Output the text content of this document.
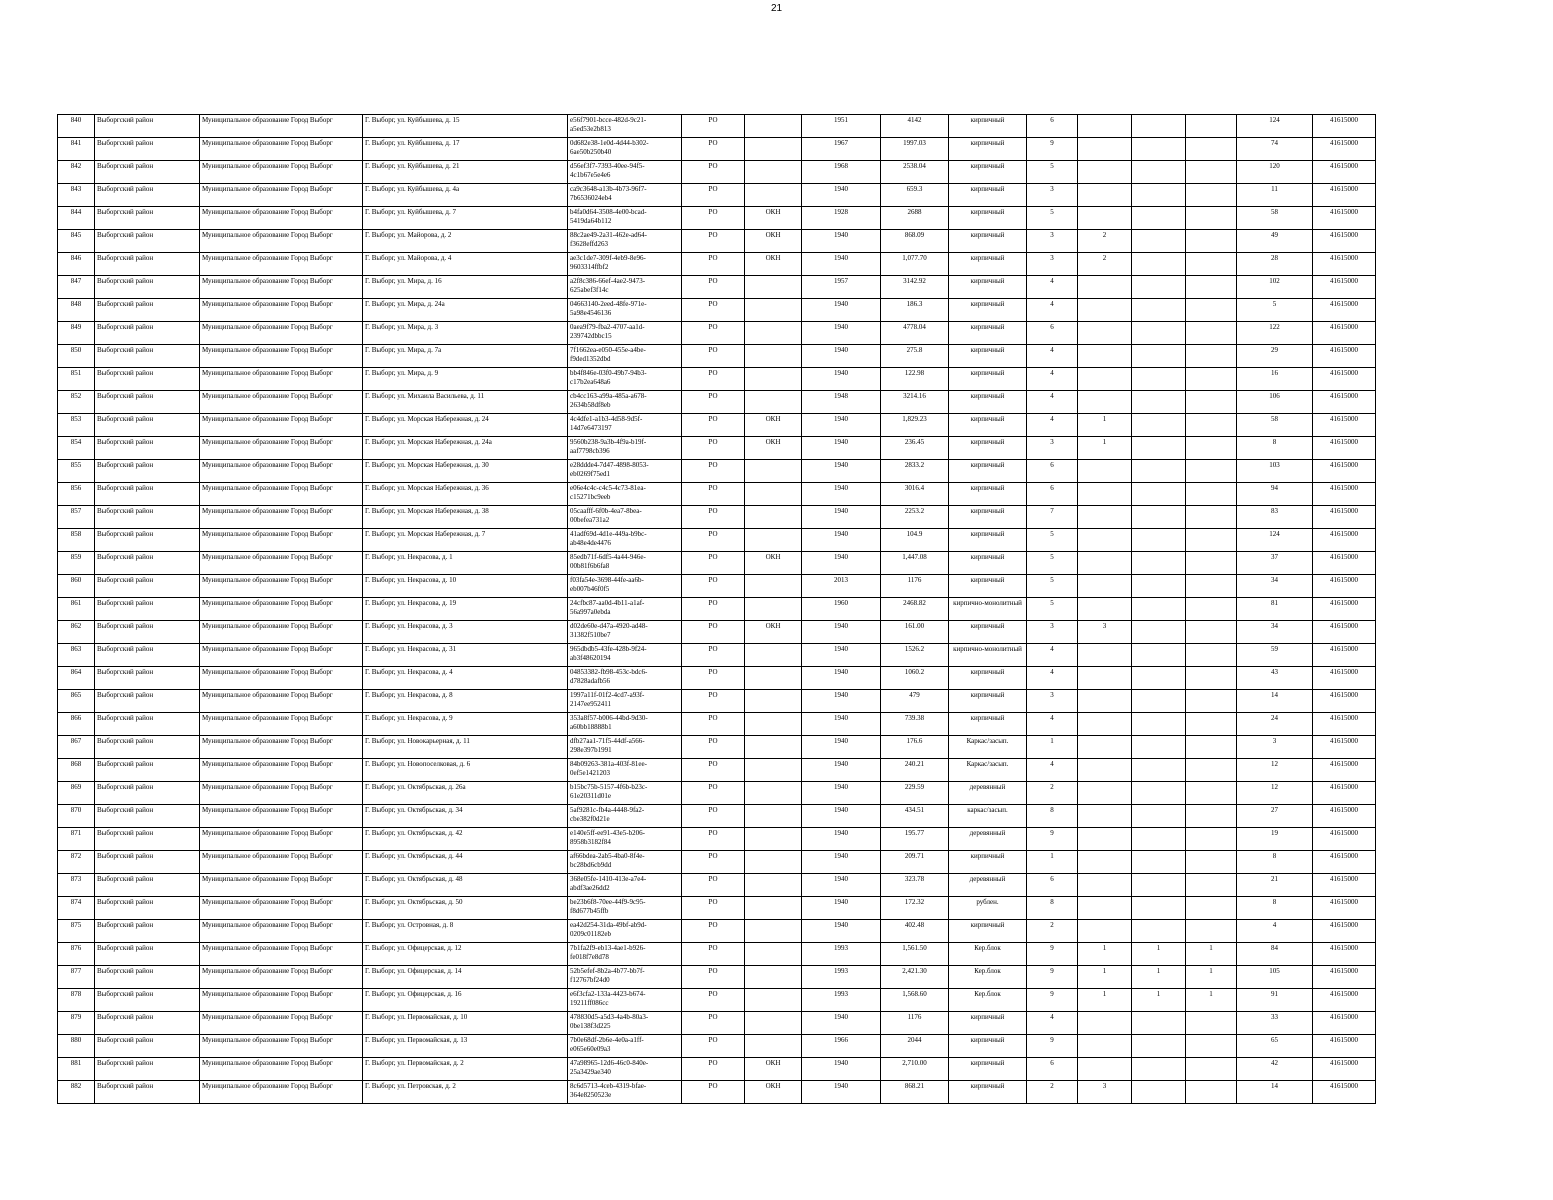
21
840	Выборгский район	Муниципальное образование Город Выборг	Г. Выборг, ул. Куйбышева, д. 15	e56f7901-bcce-482d-9c21-a5ed53e2b813	РО		1951	4142	кирпичный	6				124	41615000
841	Выборгский район	Муниципальное образование Город Выборг	Г. Выборг, ул. Куйбышева, д. 17	0d682e38-1e0d-4d44-b302-6ae50b250b40	РО		1967	1997.03	кирпичный	9				74	41615000
842	Выборгский район	Муниципальное образование Город Выборг	Г. Выборг, ул. Куйбышева, д. 21	d56ef3f7-7393-40ee-94f5-4c1b67e5e4e6	РО		1968	2538.04	кирпичный	5				120	41615000
843	Выборгский район	Муниципальное образование Город Выборг	Г. Выборг, ул. Куйбышева, д. 4а	ca9c3648-a13b-4b73-96f7-7b6536024eb4	РО		1940	659.3	кирпичный	3				11	41615000
844	Выборгский район	Муниципальное образование Город Выборг	Г. Выборг, ул. Куйбышева, д. 7	b4fa0d64-3508-4e00-bcad-5419da64b112	РО	ОКН	1928	2688	кирпичный	5				58	41615000
845	Выборгский район	Муниципальное образование Город Выборг	Г. Выборг, ул. Майорова, д. 2	88c2ae49-2a31-462e-ad64-f3628effd263	РО	ОКН	1940	868.09	кирпичный	3	2			49	41615000
846	Выборгский район	Муниципальное образование Город Выборг	Г. Выборг, ул. Майорова, д. 4	ae3c1de7-309f-4eb9-8e96-9603314ffbf2	РО	ОКН	1940	1,077.70	кирпичный	3	2			28	41615000
847	Выборгский район	Муниципальное образование Город Выборг	Г. Выборг, ул. Мира, д. 16	a2f8c386-66ef-4ae2-9473-625abef3f14c	РО		1957	3142.92	кирпичный	4				102	41615000
848	Выборгский район	Муниципальное образование Город Выборг	Г. Выборг, ул. Мира, д. 24а	04663140-2eed-48fe-971e-5a98e4546136	РО		1940	186.3	кирпичный	4				5	41615000
849	Выборгский район	Муниципальное образование Город Выборг	Г. Выборг, ул. Мира, д. 3	0aea9f79-fba2-4707-aa1d-239742dbbc15	РО		1940	4778.04	кирпичный	6				122	41615000
850	Выборгский район	Муниципальное образование Город Выборг	Г. Выборг, ул. Мира, д. 7а	7f1662ea-e050-455e-a4be-f9ded1352dbd	РО		1940	275.8	кирпичный	4				29	41615000
851	Выборгский район	Муниципальное образование Город Выборг	Г. Выборг, ул. Мира, д. 9	bb4f846e-03f0-49b7-94b3-c17b2ea648a6	РО		1940	122.98	кирпичный	4				16	41615000
852	Выборгский район	Муниципальное образование Город Выборг	Г. Выборг, ул. Михаила Васильева, д. 11	cb4cc163-a99a-485a-a678-2634b58df8eb	РО		1948	3214.16	кирпичный	4				106	41615000
853	Выборгский район	Муниципальное образование Город Выборг	Г. Выборг, ул. Морская Набережная, д. 24	4c4dfe1-a1b3-4d58-9d5f-14d7e6473197	РО	ОКН	1940	1,829.23	кирпичный	4	1			58	41615000
854	Выборгский район	Муниципальное образование Город Выборг	Г. Выборг, ул. Морская Набережная, д. 24а	9560b238-9a3b-4f9a-b19f-aaf7798cb396	РО	ОКН	1940	236.45	кирпичный	3	1			8	41615000
855	Выборгский район	Муниципальное образование Город Выборг	Г. Выборг, ул. Морская Набережная, д. 30	e28ddde4-7d47-4898-8053-eb0269f75ed1	РО		1940	2833.2	кирпичный	6				103	41615000
856	Выборгский район	Муниципальное образование Город Выборг	Г. Выборг, ул. Морская Набережная, д. 36	e06e4c4c-c4c5-4c73-81ea-c15271bc9eeb	РО		1940	3016.4	кирпичный	6				94	41615000
857	Выборгский район	Муниципальное образование Город Выборг	Г. Выборг, ул. Морская Набережная, д. 38	05caafff-6f0b-4ea7-8bea-00befea731a2	РО		1940	2253.2	кирпичный	7				83	41615000
858	Выборгский район	Муниципальное образование Город Выборг	Г. Выборг, ул. Морская Набережная, д. 7	41adf69d-4d1e-449a-b9bc-ab48e4de4476	РО		1940	104.9	кирпичный	5				124	41615000
859	Выборгский район	Муниципальное образование Город Выборг	Г. Выборг, ул. Некрасова, д. 1	85edb71f-6df5-4a44-946e-00b81f6b6fa8	РО	ОКН	1940	1,447.08	кирпичный	5				37	41615000
860	Выборгский район	Муниципальное образование Город Выборг	Г. Выборг, ул. Некрасова, д. 10	f03fa54e-3698-44fe-aa6b-eb007b46f0f5	РО		2013	1176	кирпичный	5				34	41615000
861	Выборгский район	Муниципальное образование Город Выборг	Г. Выборг, ул. Некрасова, д. 19	24cfbc87-aa0d-4b11-a1af-56a997a0ebda	РО		1960	2468.82	кирпично-монолитный	5				81	41615000
862	Выборгский район	Муниципальное образование Город Выборг	Г. Выборг, ул. Некрасова, д. 3	d02de60e-d47a-4920-ad48-31382f510be7	РО	ОКН	1940	161.00	кирпичный	3	3			34	41615000
863	Выборгский район	Муниципальное образование Город Выборг	Г. Выборг, ул. Некрасова, д. 31	965dbdb5-43fe-428b-9f24-ab3f48620194	РО		1940	1526.2	кирпично-монолитный	4				59	41615000
864	Выборгский район	Муниципальное образование Город Выборг	Г. Выборг, ул. Некрасова, д. 4	04853382-fb98-453c-bdc6-d7828adafb56	РО		1940	1060.2	кирпичный	4				43	41615000
865	Выборгский район	Муниципальное образование Город Выборг	Г. Выборг, ул. Некрасова, д. 8	1997a11f-01f2-4cd7-a93f-2147ee952411	РО		1940	479	кирпичный	3				14	41615000
866	Выборгский район	Муниципальное образование Город Выборг	Г. Выборг, ул. Некрасова, д. 9	353a8f57-b006-44bd-9d30-a60bb18888b1	РО		1940	739.38	кирпичный	4				24	41615000
867	Выборгский район	Муниципальное образование Город Выборг	Г. Выборг, ул. Новокарьерная, д. 11	dfb27aa1-71f5-44df-a566-298e397b1991	РО		1940	176.6	Каркас/засып.	1				3	41615000
868	Выборгский район	Муниципальное образование Город Выборг	Г. Выборг, ул. Новопоселковая, д. 6	84b09263-381a-403f-81ee-0ef5e1421203	РО		1940	240.21	Каркас/засып.	4				12	41615000
869	Выборгский район	Муниципальное образование Город Выборг	Г. Выборг, ул. Октябрьская, д. 26а	b15bc75b-5157-4f6b-b23c-61e20311d01e	РО		1940	229.59	деревянный	2				12	41615000
870	Выборгский район	Муниципальное образование Город Выборг	Г. Выборг, ул. Октябрьская, д. 34	5af9281c-fb4a-4448-9fa2-cbe382f0d21e	РО		1940	434.51	каркас/засып.	8				27	41615000
871	Выборгский район	Муниципальное образование Город Выборг	Г. Выборг, ул. Октябрьская, д. 42	e140e5ff-ee91-43e5-b206-8958b3182f84	РО		1940	195.77	деревянный	9				19	41615000
872	Выборгский район	Муниципальное образование Город Выборг	Г. Выборг, ул. Октябрьская, д. 44	af66bdea-2ab5-4ba0-8f4e-bc28bd6cb9dd	РО		1940	209.71	кирпичный	1				8	41615000
873	Выборгский район	Муниципальное образование Город Выборг	Г. Выборг, ул. Октябрьская, д. 48	368e05fe-1410-413e-a7e4-abdf3ae26dd2	РО		1940	323.78	деревянный	6				21	41615000
874	Выборгский район	Муниципальное образование Город Выборг	Г. Выборг, ул. Октябрьская, д. 50	be23b6f8-70ee-44f9-9c95-f8d677b45ffb	РО		1940	172.32	рублен.	8				8	41615000
875	Выборгский район	Муниципальное образование Город Выборг	Г. Выборг, ул. Островная, д. 8	ea42d254-31da-49bf-ab9d-0209c01182eb	РО		1940	402.48	кирпичный	2				4	41615000
876	Выборгский район	Муниципальное образование Город Выборг	Г. Выборг, ул. Офицерская, д. 12	7b1fa2f9-eb13-4ae1-b926-fe018f7e8d78	РО		1993	1,561.50	Кер.блок	9	1	1	1	84	41615000
877	Выборгский район	Муниципальное образование Город Выборг	Г. Выборг, ул. Офицерская, д. 14	52b5efef-8b2a-4b77-bb7f-f12767bf24d0	РО		1993	2,421.30	Кер.блок	9	1	1	1	105	41615000
878	Выборгский район	Муниципальное образование Город Выборг	Г. Выборг, ул. Офицерская, д. 16	e6f3cfa2-133a-4423-b674-19211ff086cc	РО		1993	1,568.60	Кер.блок	9	1	1	1	91	41615000
879	Выборгский район	Муниципальное образование Город Выборг	Г. Выборг, ул. Первомайская, д. 10	478830d5-a5d3-4a4b-80a3-0be138f3d225	РО		1940	1176	кирпичный	4				33	41615000
880	Выборгский район	Муниципальное образование Город Выборг	Г. Выборг, ул. Первомайская, д. 13	7b0e68df-2b6e-4e0a-a1ff-e065e60e09a3	РО		1966	2044	кирпичный	9				65	41615000
881	Выборгский район	Муниципальное образование Город Выборг	Г. Выборг, ул. Первомайская, д. 2	47a98965-12d6-46c0-840e-25a3429ae340	РО	ОКН	1940	2,710.00	кирпичный	6				42	41615000
882	Выборгский район	Муниципальное образование Город Выборг	Г. Выборг, ул. Петровская, д. 2	8c6d5713-4ceb-4319-bfae-364e8250523e	РО	ОКН	1940	868.21	кирпичный	2	3			14	41615000
